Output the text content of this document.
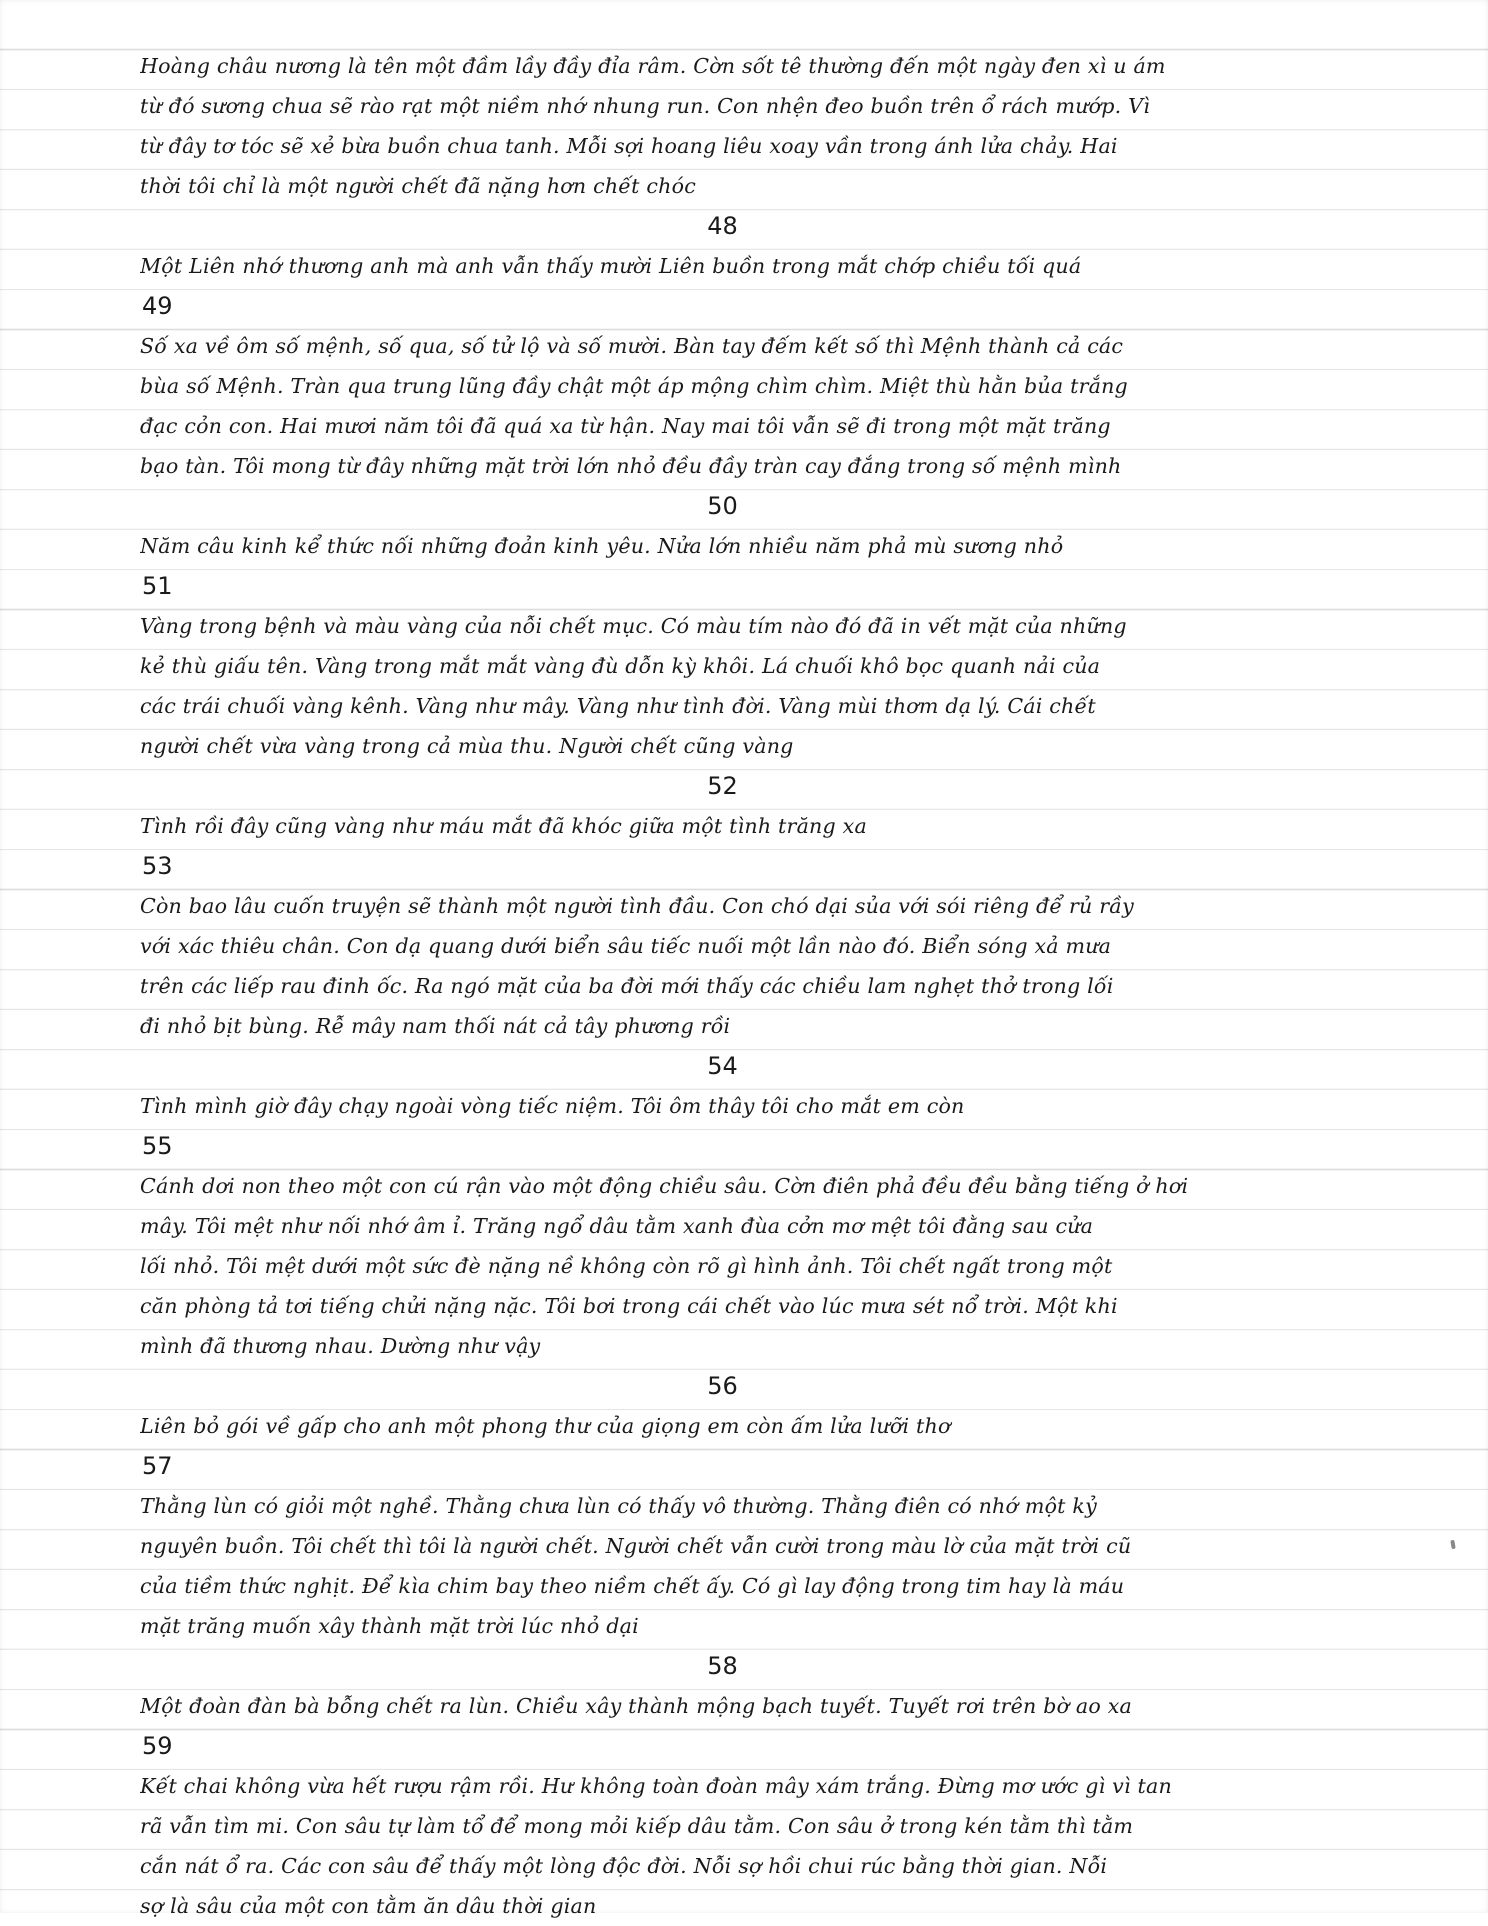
Hoàng châu nương là tên một đầm lầy đầy đỉa râm. Cờn sốt tê thường đến một ngày đen xì u ám
từ đó sương chua sẽ rào rạt một niềm nhớ nhung run. Con nhện đeo buồn trên ổ rách mướp. Vì
từ đây tơ tóc sẽ xẻ bừa buồn chua tanh. Mỗi sợi hoang liêu xoay vần trong ánh lửa chảy. Hai
thời tôi chỉ là một người chết đã nặng hơn chết chóc
48
Một Liên nhớ thương anh mà anh vẫn thấy mười Liên buồn trong mắt chớp chiều tối quá
49
Số xa về ôm số mệnh, số qua, số tử lộ và số mười. Bàn tay đếm kết số thì Mệnh thành cả các
bùa số Mệnh. Tràn qua trung lũng đầy chật một áp mộng chìm chìm. Miệt thù hằn bủa trắng
đạc cỏn con. Hai mươi năm tôi đã quá xa từ hận. Nay mai tôi vẫn sẽ đi trong một mặt trăng
bạo tàn. Tôi mong từ đây những mặt trời lớn nhỏ đều đầy tràn cay đắng trong số mệnh mình
50
Năm câu kinh kể thức nối những đoản kinh yêu. Nửa lớn nhiều năm phả mù sương nhỏ
51
Vàng trong bệnh và màu vàng của nỗi chết mục. Có màu tím nào đó đã in vết mặt của những
kẻ thù giấu tên. Vàng trong mắt mắt vàng đù dỗn kỳ khôi. Lá chuối khô bọc quanh nải của
các trái chuối vàng kênh. Vàng như mây. Vàng như tình đời. Vàng mùi thơm dạ lý. Cái chết
người chết vừa vàng trong cả mùa thu. Người chết cũng vàng
52
Tình rồi đây cũng vàng như máu mắt đã khóc giữa một tình trăng xa
53
Còn bao lâu cuốn truyện sẽ thành một người tình đầu. Con chó dại sủa với sói riêng để rủ rầy
với xác thiêu chân. Con dạ quang dưới biển sâu tiếc nuối một lần nào đó. Biển sóng xả mưa
trên các liếp rau đinh ốc. Ra ngó mặt của ba đời mới thấy các chiều lam nghẹt thở trong lối
đi nhỏ bịt bùng. Rễ mây nam thối nát cả tây phương rồi
54
Tình mình giờ đây chạy ngoài vòng tiếc niệm. Tôi ôm thây tôi cho mắt em còn
55
Cánh dơi non theo một con cú rận vào một động chiều sâu. Cờn điên phả đều đều bằng tiếng ở hơi
mây. Tôi mệt như nối nhớ âm ỉ. Trăng ngổ dâu tằm xanh đùa cởn mơ mệt tôi đằng sau cửa
lối nhỏ. Tôi mệt dưới một sức đè nặng nề không còn rõ gì hình ảnh. Tôi chết ngất trong một
căn phòng tả tơi tiếng chửi nặng nặc. Tôi bơi trong cái chết vào lúc mưa sét nổ trời. Một khi
mình đã thương nhau. Dường như vậy
56
Liên bỏ gói về gấp cho anh một phong thư của giọng em còn ấm lửa lưỡi thơ
57
Thằng lùn có giỏi một nghề. Thằng chưa lùn có thấy vô thường. Thằng điên có nhớ một kỷ
nguyên buồn. Tôi chết thì tôi là người chết. Người chết vẫn cười trong màu lờ của mặt trời cũ
của tiềm thức nghịt. Để kìa chim bay theo niềm chết ấy. Có gì lay động trong tim hay là máu
mặt trăng muốn xây thành mặt trời lúc nhỏ dại
58
Một đoàn đàn bà bỗng chết ra lùn. Chiều xây thành mộng bạch tuyết. Tuyết rơi trên bờ ao xa
59
Kết chai không vừa hết rượu rậm rồi. Hư không toàn đoàn mây xám trắng. Đừng mơ ước gì vì tan
rã vẫn tìm mi. Con sâu tự làm tổ để mong mỏi kiếp dâu tằm. Con sâu ở trong kén tằm thì tằm
cắn nát ổ ra. Các con sâu để thấy một lòng độc đời. Nỗi sợ hồi chui rúc bằng thời gian. Nỗi
sợ là sâu của một con tằm ăn dâu thời gian
